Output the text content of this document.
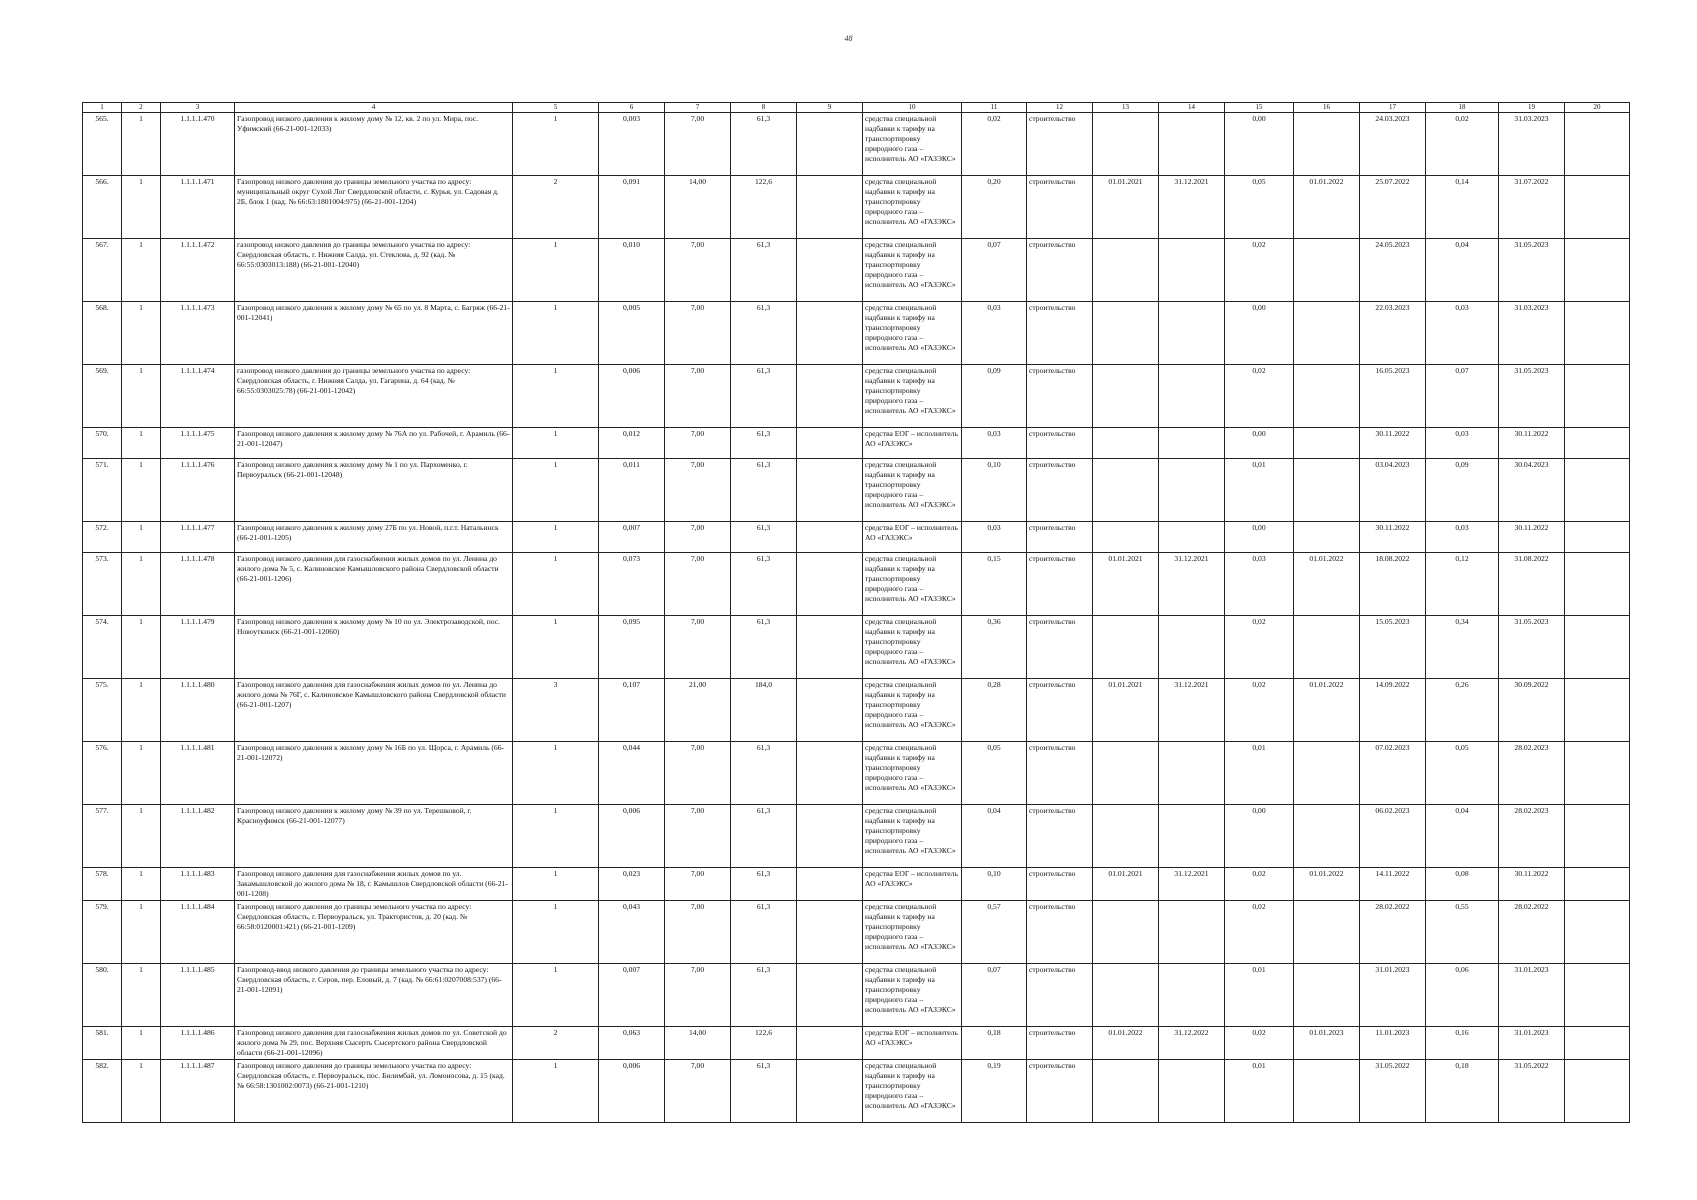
48
1	2	3	4	5	6	7	8	9	10	11	12	13	14	15	16	17	18	19	20
565.	1	1.1.1.1.470	Газопровод низкого давления к жилому дому № 12, кв. 2 по ул. Мира, пос. Уфимский (66-21-001-12033)	1	0,003	7,00	61,3		средства специальной надбавки к тарифу на транспортировку природного газа – исполнитель АО «ГАЗЭКС»	0,02	строительство			0,00		24.03.2023	0,02	31.03.2023	
566.	1	1.1.1.1.471	Газопровод низкого давления до границы земельного участка по адресу: муниципальный округ Сухой Лог Свердловской области, с. Курья, ул. Садовая д. 2Б, блок 1 (кад. № 66:63:1801004:975) (66-21-001-1204)	2	0,091	14,00	122,6		средства специальной надбавки к тарифу на транспортировку природного газа – исполнитель АО «ГАЗЭКС»	0,20	строительство	01.01.2021	31.12.2021	0,05	01.01.2022	25.07.2022	0,14	31.07.2022	
567.	1	1.1.1.1.472	газопровод низкого давления до границы земельного участка по адресу: Свердловская область, г. Нижняя Салда, ул. Стеклова, д. 92 (кад. № 66:55:0303013:188) (66-21-001-12040)	1	0,010	7,00	61,3		средства специальной надбавки к тарифу на транспортировку природного газа – исполнитель АО «ГАЗЭКС»	0,07	строительство			0,02		24.05.2023	0,04	31.05.2023	
568.	1	1.1.1.1.473	Газопровод низкого давления к жилому дому № 65 по ул. 8 Марта, с. Багряж (66-21-001-12041)	1	0,005	7,00	61,3		средства специальной надбавки к тарифу на транспортировку природного газа – исполнитель АО «ГАЗЭКС»	0,03	строительство			0,00		22.03.2023	0,03	31.03.2023	
569.	1	1.1.1.1.474	газопровод низкого давления до границы земельного участка по адресу: Свердловская область, г. Нижняя Салда, ул. Гагарина, д. 64 (кад. № 66:55:0303025:78) (66-21-001-12042)	1	0,006	7,00	61,3		средства специальной надбавки к тарифу на транспортировку природного газа – исполнитель АО «ГАЗЭКС»	0,09	строительство			0,02		16.05.2023	0,07	31.05.2023	
570.	1	1.1.1.1.475	Газопровод низкого давления к жилому дому № 76А по ул. Рабочей, г. Арамиль (66-21-001-12047)	1	0,012	7,00	61,3		средства ЕОГ – исполнитель АО «ГАЗЭКС»	0,03	строительство			0,00		30.11.2022	0,03	30.11.2022	
571.	1	1.1.1.1.476	Газопровод низкого давления к жилому дому № 1 по ул. Пархоменко, г. Первоуральск (66-21-001-12048)	1	0,011	7,00	61,3		средства специальной надбавки к тарифу на транспортировку природного газа – исполнитель АО «ГАЗЭКС»	0,10	строительство			0,01		03.04.2023	0,09	30.04.2023	
572.	1	1.1.1.1.477	Газопровод низкого давления к жилому дому 27Б по ул. Новой, п.г.т. Натальинск (66-21-001-1205)	1	0,007	7,00	61,3		средства ЕОГ – исполнитель АО «ГАЗЭКС»	0,03	строительство			0,00		30.11.2022	0,03	30.11.2022	
573.	1	1.1.1.1.478	Газопровод низкого давления для газоснабжения жилых домов по ул. Ленина до жилого дома № 5, с. Калиновское Камышловского района Свердловской области (66-21-001-1206)	1	0,073	7,00	61,3		средства специальной надбавки к тарифу на транспортировку природного газа – исполнитель АО «ГАЗЭКС»	0,15	строительство	01.01.2021	31.12.2021	0,03	01.01.2022	18.08.2022	0,12	31.08.2022	
574.	1	1.1.1.1.479	Газопровод низкого давления к жилому дому № 10 по ул. Электрозаводской, пос. Новоуткинск (66-21-001-12060)	1	0,095	7,00	61,3		средства специальной надбавки к тарифу на транспортировку природного газа – исполнитель АО «ГАЗЭКС»	0,36	строительство			0,02		15.05.2023	0,34	31.05.2023	
575.	1	1.1.1.1.480	Газопровод низкого давления для газоснабжения жилых домов по ул. Ленина до жилого дома № 76Г, с. Калиновское Камышловского района Свердловской области (66-21-001-1207)	3	0,107	21,00	184,0		средства специальной надбавки к тарифу на транспортировку природного газа – исполнитель АО «ГАЗЭКС»	0,28	строительство	01.01.2021	31.12.2021	0,02	01.01.2022	14.09.2022	0,26	30.09.2022	
576.	1	1.1.1.1.481	Газопровод низкого давления к жилому дому № 16Б по ул. Щорса, г. Арамиль (66-21-001-12072)	1	0,044	7,00	61,3		средства специальной надбавки к тарифу на транспортировку природного газа – исполнитель АО «ГАЗЭКС»	0,05	строительство			0,01		07.02.2023	0,05	28.02.2023	
577.	1	1.1.1.1.482	Газопровод низкого давления к жилому дому № 39 по ул. Терешковой, г. Красноуфимск (66-21-001-12077)	1	0,006	7,00	61,3		средства специальной надбавки к тарифу на транспортировку природного газа – исполнитель АО «ГАЗЭКС»	0,04	строительство			0,00		06.02.2023	0,04	28.02.2023	
578.	1	1.1.1.1.483	Газопровод низкого давления для газоснабжения жилых домов по ул. Закамышловской до жилого дома № 18, г. Камышлов Свердловской области (66-21-001-1208)	1	0,023	7,00	61,3		средства ЕОГ – исполнитель АО «ГАЗЭКС»	0,10	строительство	01.01.2021	31.12.2021	0,02	01.01.2022	14.11.2022	0,08	30.11.2022	
579.	1	1.1.1.1.484	Газопровод низкого давления до границы земельного участка по адресу: Свердловская область, г. Первоуральск, ул. Трактористов, д. 20 (кад. № 66:58:0120001:421) (66-21-001-1209)	1	0,043	7,00	61,3		средства специальной надбавки к тарифу на транспортировку природного газа – исполнитель АО «ГАЗЭКС»	0,57	строительство			0,02		28.02.2022	0,55	28.02.2022	
580.	1	1.1.1.1.485	Газопровод-ввод низкого давления до границы земельного участка по адресу: Свердловская область, г. Серов, пер. Еловый, д. 7 (кад. № 66:61:0207008:537) (66-21-001-12091)	1	0,007	7,00	61,3		средства специальной надбавки к тарифу на транспортировку природного газа – исполнитель АО «ГАЗЭКС»	0,07	строительство			0,01		31.01.2023	0,06	31.01.2023	
581.	1	1.1.1.1.486	Газопровод низкого давления для газоснабжения жилых домов по ул. Советской до жилого дома № 29, пос. Верхняя Сысерть Сысертского района Свердловской области (66-21-001-12096)	2	0,063	14,00	122,6		средства ЕОГ – исполнитель АО «ГАЗЭКС»	0,18	строительство	01.01.2022	31.12.2022	0,02	01.01.2023	11.01.2023	0,16	31.01.2023	
582.	1	1.1.1.1.487	Газопровод низкого давления до границы земельного участка по адресу: Свердловская область, г. Первоуральск, пос. Билимбай, ул. Ломоносова, д. 15 (кад. № 66:58:1301002:0073) (66-21-001-1210)	1	0,006	7,00	61,3		средства специальной надбавки к тарифу на транспортировку природного газа – исполнитель АО «ГАЗЭКС»	0,19	строительство			0,01		31.05.2022	0,18	31.05.2022	
